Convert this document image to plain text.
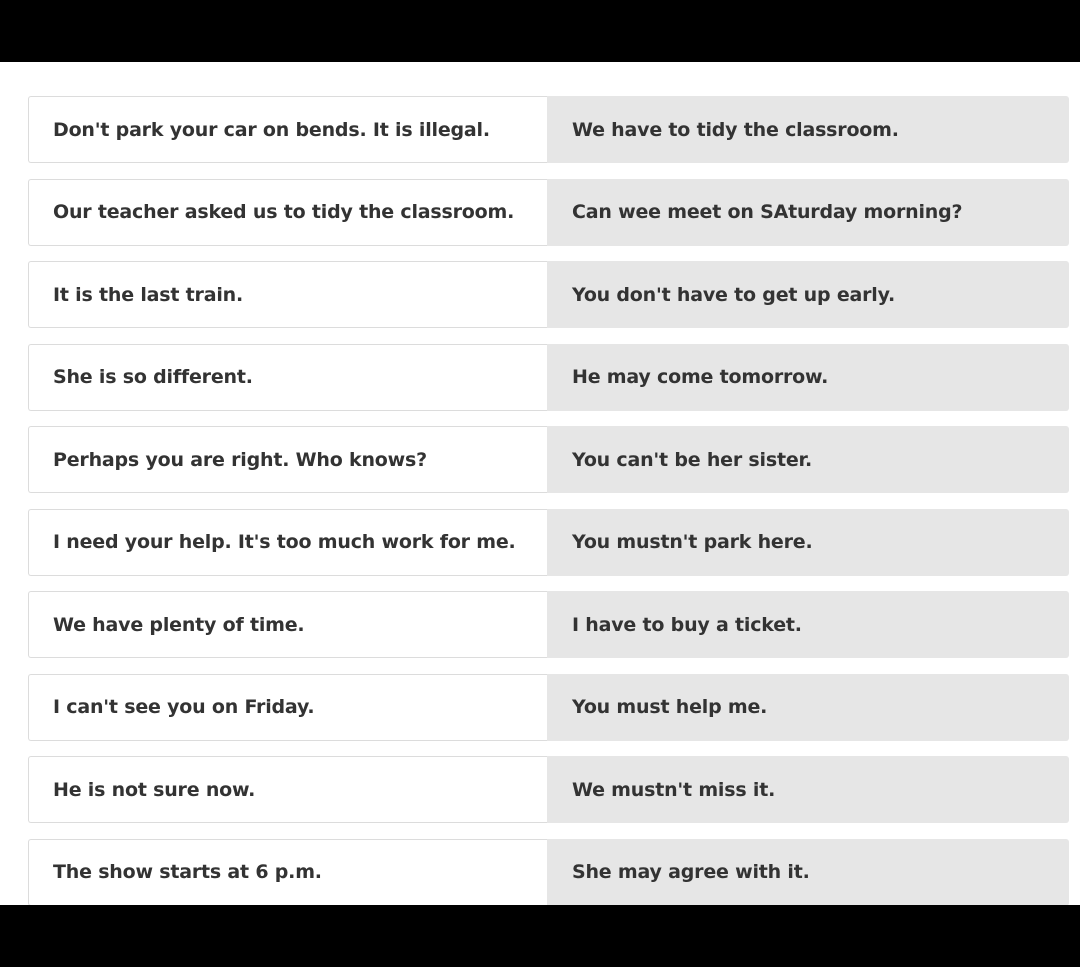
Don't park your car on bends. It is illegal.	We have to tidy the classroom.
Our teacher asked us to tidy the classroom.	Can wee meet on SAturday morning?
It is the last train.	You don't have to get up early.
She is so different.	He may come tomorrow.
Perhaps you are right. Who knows?	You can't be her sister.
I need your help. It's too much work for me.	You mustn't park here.
We have plenty of time.	I have to buy a ticket.
I can't see you on Friday.	You must help me.
He is not sure now.	We mustn't miss it.
The show starts at 6 p.m.	She may agree with it.
